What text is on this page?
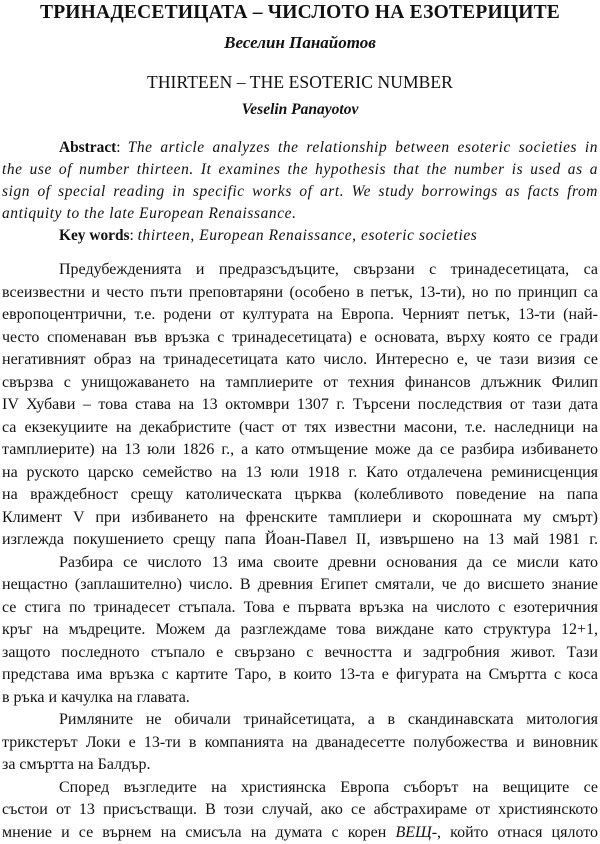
ТРИНАДЕСЕТИЦАТА – ЧИСЛОТО НА ЕЗОТЕРИЦИТЕ
Веселин Панайотов
THIRTEEN – THE ESOTERIC NUMBER
Veselin Panayotov
Abstract: The article analyzes the relationship between esoteric societies in
the use of number thirteen. It examines the hypothesis that the number is used as a
sign of special reading in specific works of art. We study borrowings as facts from
antiquity to the late European Renaissance.
Key words: thirteen, European Renaissance, esoteric societies
Предубежденията и предразсъдъците, свързани с тринадесетицата, са
всеизвестни и често пъти преповтаряни (особено в петък, 13-ти), но по принцип са
европоцентрични, т.е. родени от културата на Европа. Черният петък, 13-ти (най-
често споменаван във връзка с тринадесетицата) е основата, върху която се гради
негативният образ на тринадесетицата като число. Интересно е, че тази визия се
свързва с унищожаването на тамплиерите от техния финансов длъжник Филип
IV Хубави – това става на 13 октомври 1307 г. Търсени последствия от тази дата
са екзекуциите на декабристите (част от тях известни масони, т.е. наследници на
тамплиерите) на 13 юли 1826 г., а като отмъщение може да се разбира избиването
на руското царско семейство на 13 юли 1918 г. Като отдалечена реминисценция
на враждебност срещу католическата църква (колебливото поведение на папа
Климент V при избиването на френските тамплиери и скорошната му смърт)
изглежда покушението срещу папа Йоан-Павел II, извършено на 13 май 1981 г.
Разбира се числото 13 има своите древни основания да се мисли като
нещастно (заплашително) число. В древния Египет смятали, че до висшето знание
се стига по тринадесет стъпала. Това е първата връзка на числото с езотеричния
кръг на мъдреците. Можем да разглеждаме това виждане като структура 12+1,
защото последното стъпало е свързано с вечността и задгробния живот. Тази
представа има връзка с картите Таро, в които 13-та е фигурата на Смъртта с коса
в ръка и качулка на главата.
Римляните не обичали тринайсетицата, а в скандинавската митология
трикстерът Локи е 13-ти в компанията на дванадесетте полубожества и виновник
за смъртта на Балдър.
Според възгледите на християнска Европа съборът на вещиците се
състои от 13 присъстващи. В този случай, ако се абстрахираме от християнското
мнение и се върнем на смисъла на думата с корен ВЕЩ-, който отнася цялото
